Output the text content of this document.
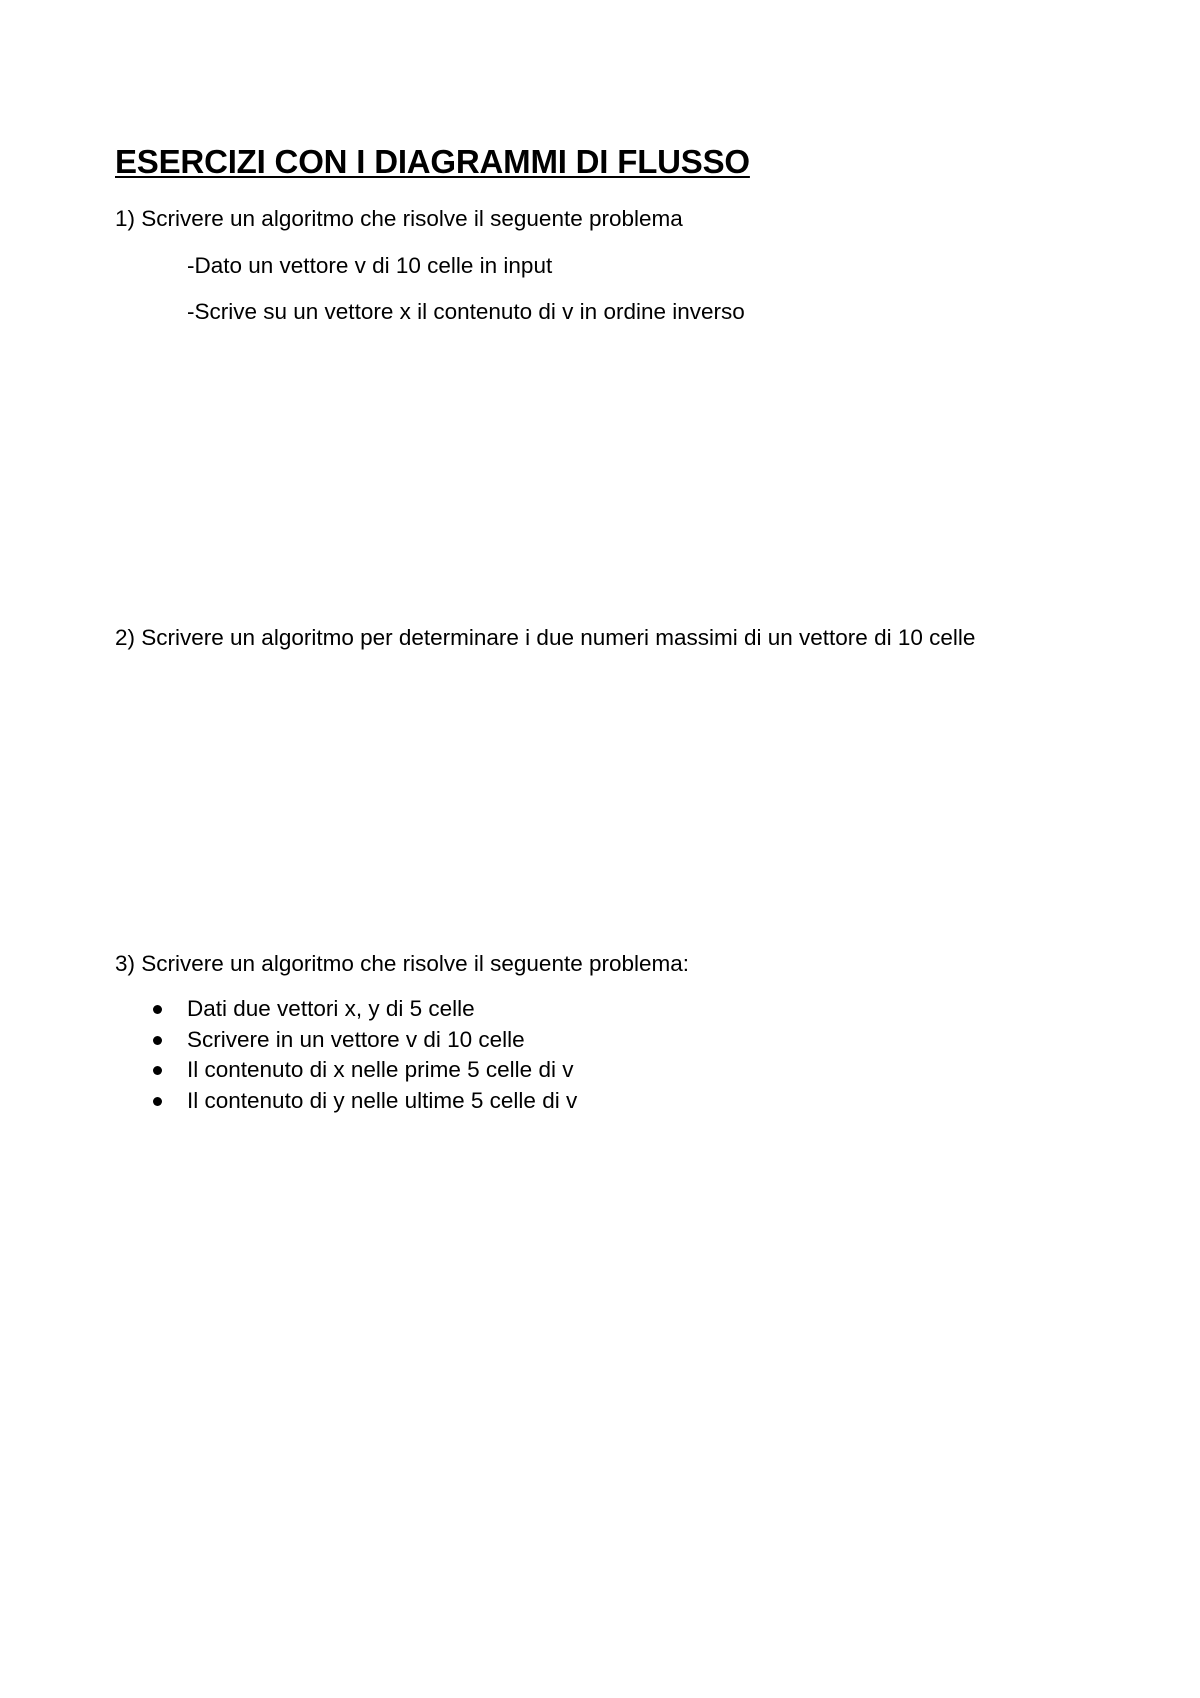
ESERCIZI CON I DIAGRAMMI DI FLUSSO
1) Scrivere un algoritmo che risolve il seguente problema
-Dato un vettore v di 10 celle in input
-Scrive su un vettore x il contenuto di v in ordine inverso
2) Scrivere un algoritmo per determinare i due numeri massimi di un vettore di 10 celle
3) Scrivere un algoritmo che risolve il seguente problema:
Dati due vettori x, y di 5 celle
Scrivere in un vettore v di 10 celle
Il contenuto di x nelle prime 5 celle di v
Il contenuto di y nelle ultime 5 celle di v
